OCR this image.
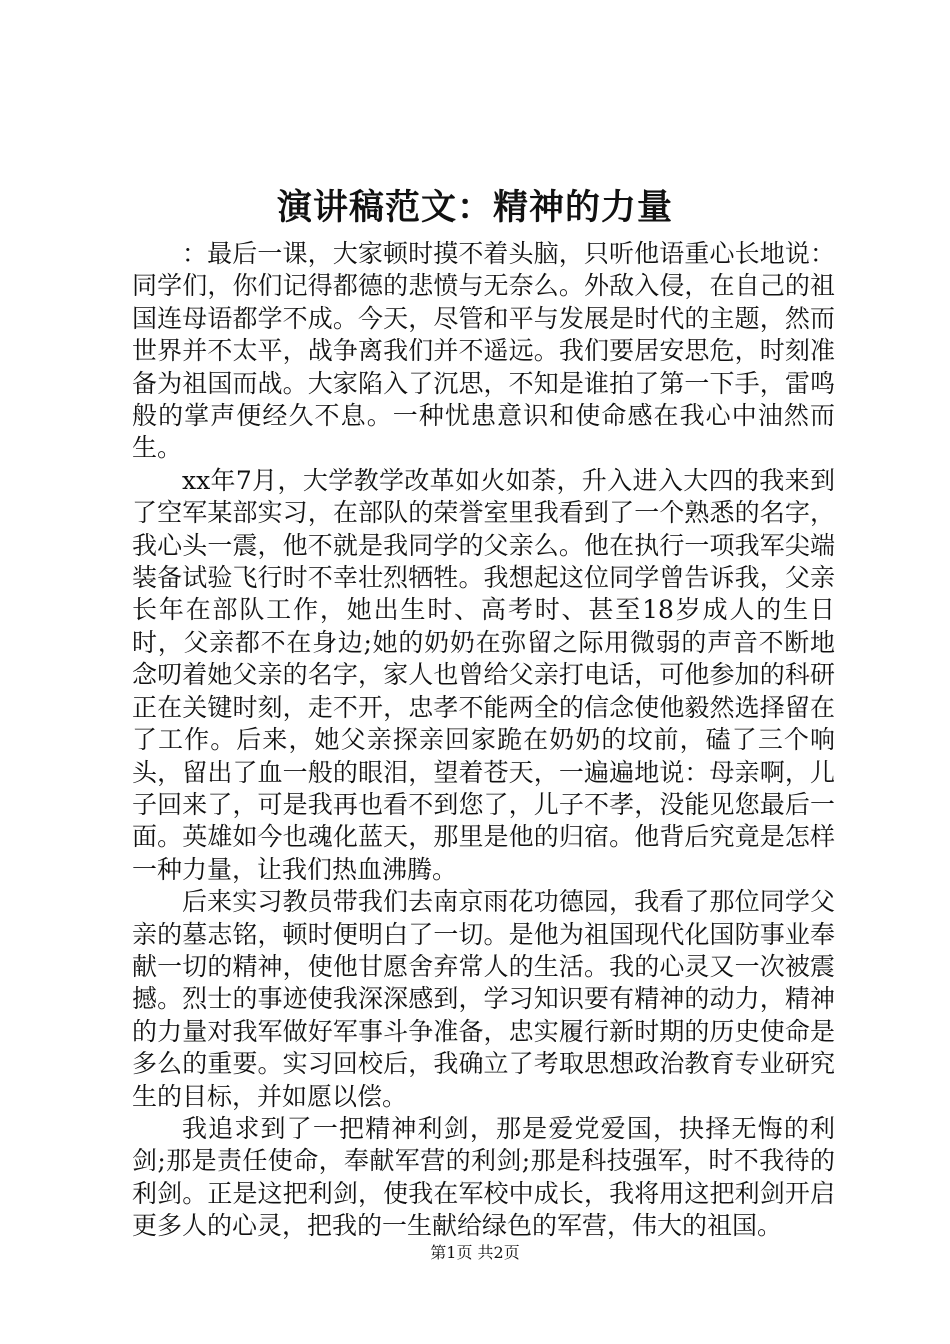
演讲稿范文：精神的力量

：最后一课，大家顿时摸不着头脑，只听他语重心长地说：同学们，你们记得都德的悲愤与无奈么。外敌入侵，在自己的祖国连母语都学不成。今天，尽管和平与发展是时代的主题，然而世界并不太平，战争离我们并不遥远。我们要居安思危，时刻准备为祖国而战。大家陷入了沉思，不知是谁拍了第一下手，雷鸣般的掌声便经久不息。一种忧患意识和使命感在我心中油然而生。

xx年7月，大学教学改革如火如荼，升入进入大四的我来到了空军某部实习，在部队的荣誉室里我看到了一个熟悉的名字，我心头一震，他不就是我同学的父亲么。他在执行一项我军尖端装备试验飞行时不幸壮烈牺牲。我想起这位同学曾告诉我，父亲长年在部队工作，她出生时、高考时、甚至18岁成人的生日时，父亲都不在身边;她的奶奶在弥留之际用微弱的声音不断地念叨着她父亲的名字，家人也曾给父亲打电话，可他参加的科研正在关键时刻，走不开，忠孝不能两全的信念使他毅然选择留在了工作。后来，她父亲探亲回家跪在奶奶的坟前，磕了三个响头，留出了血一般的眼泪，望着苍天，一遍遍地说：母亲啊，儿子回来了，可是我再也看不到您了，儿子不孝，没能见您最后一面。英雄如今也魂化蓝天，那里是他的归宿。他背后究竟是怎样一种力量，让我们热血沸腾。

后来实习教员带我们去南京雨花功德园，我看了那位同学父亲的墓志铭，顿时便明白了一切。是他为祖国现代化国防事业奉献一切的精神，使他甘愿舍弃常人的生活。我的心灵又一次被震撼。烈士的事迹使我深深感到，学习知识要有精神的动力，精神的力量对我军做好军事斗争准备，忠实履行新时期的历史使命是多么的重要。实习回校后，我确立了考取思想政治教育专业研究生的目标，并如愿以偿。

我追求到了一把精神利剑，那是爱党爱国，抉择无悔的利剑;那是责任使命，奉献军营的利剑;那是科技强军，时不我待的利剑。正是这把利剑，使我在军校中成长，我将用这把利剑开启更多人的心灵，把我的一生献给绿色的军营，伟大的祖国。

第1页 共2页
